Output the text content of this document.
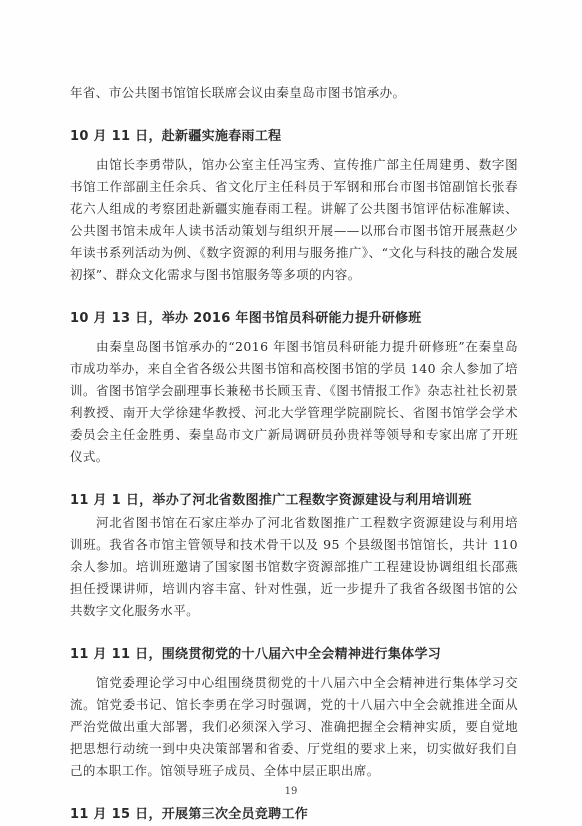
年省、市公共图书馆馆长联席会议由秦皇岛市图书馆承办。

10 月 11 日，赴新疆实施春雨工程

由馆长李勇带队，馆办公室主任冯宝秀、宣传推广部主任周建勇、数字图书馆工作部副主任余兵、省文化厅主任科员于军钢和邢台市图书馆副馆长张春花六人组成的考察团赴新疆实施春雨工程。讲解了公共图书馆评估标准解读、公共图书馆未成年人读书活动策划与组织开展——以邢台市图书馆开展燕赵少年读书系列活动为例、《数字资源的利用与服务推广》、“文化与科技的融合发展初探”、群众文化需求与图书馆服务等多项的内容。

10 月 13 日，举办 2016 年图书馆员科研能力提升研修班

由秦皇岛图书馆承办的“2016 年图书馆员科研能力提升研修班”在秦皇岛市成功举办，来自全省各级公共图书馆和高校图书馆的学员 140 余人参加了培训。省图书馆学会副理事长兼秘书长顾玉青、《图书情报工作》杂志社社长初景利教授、南开大学徐建华教授、河北大学管理学院副院长、省图书馆学会学术委员会主任金胜勇、秦皇岛市文广新局调研员孙贵祥等领导和专家出席了开班仪式。

11 月 1 日，举办了河北省数图推广工程数字资源建设与利用培训班

河北省图书馆在石家庄举办了河北省数图推广工程数字资源建设与利用培训班。我省各市馆主管领导和技术骨干以及 95 个县级图书馆馆长，共计 110 余人参加。培训班邀请了国家图书馆数字资源部推广工程建设协调组组长邵燕担任授课讲师，培训内容丰富、针对性强，近一步提升了我省各级图书馆的公共数字文化服务水平。

11 月 11 日，围绕贯彻党的十八届六中全会精神进行集体学习

馆党委理论学习中心组围绕贯彻党的十八届六中全会精神进行集体学习交流。馆党委书记、馆长李勇在学习时强调，党的十八届六中全会就推进全面从严治党做出重大部署，我们必须深入学习、准确把握全会精神实质，要自觉地把思想行动统一到中央决策部署和省委、厅党组的要求上来，切实做好我们自己的本职工作。馆领导班子成员、全体中层正职出席。

11 月 15 日，开展第三次全员竞聘工作

19
